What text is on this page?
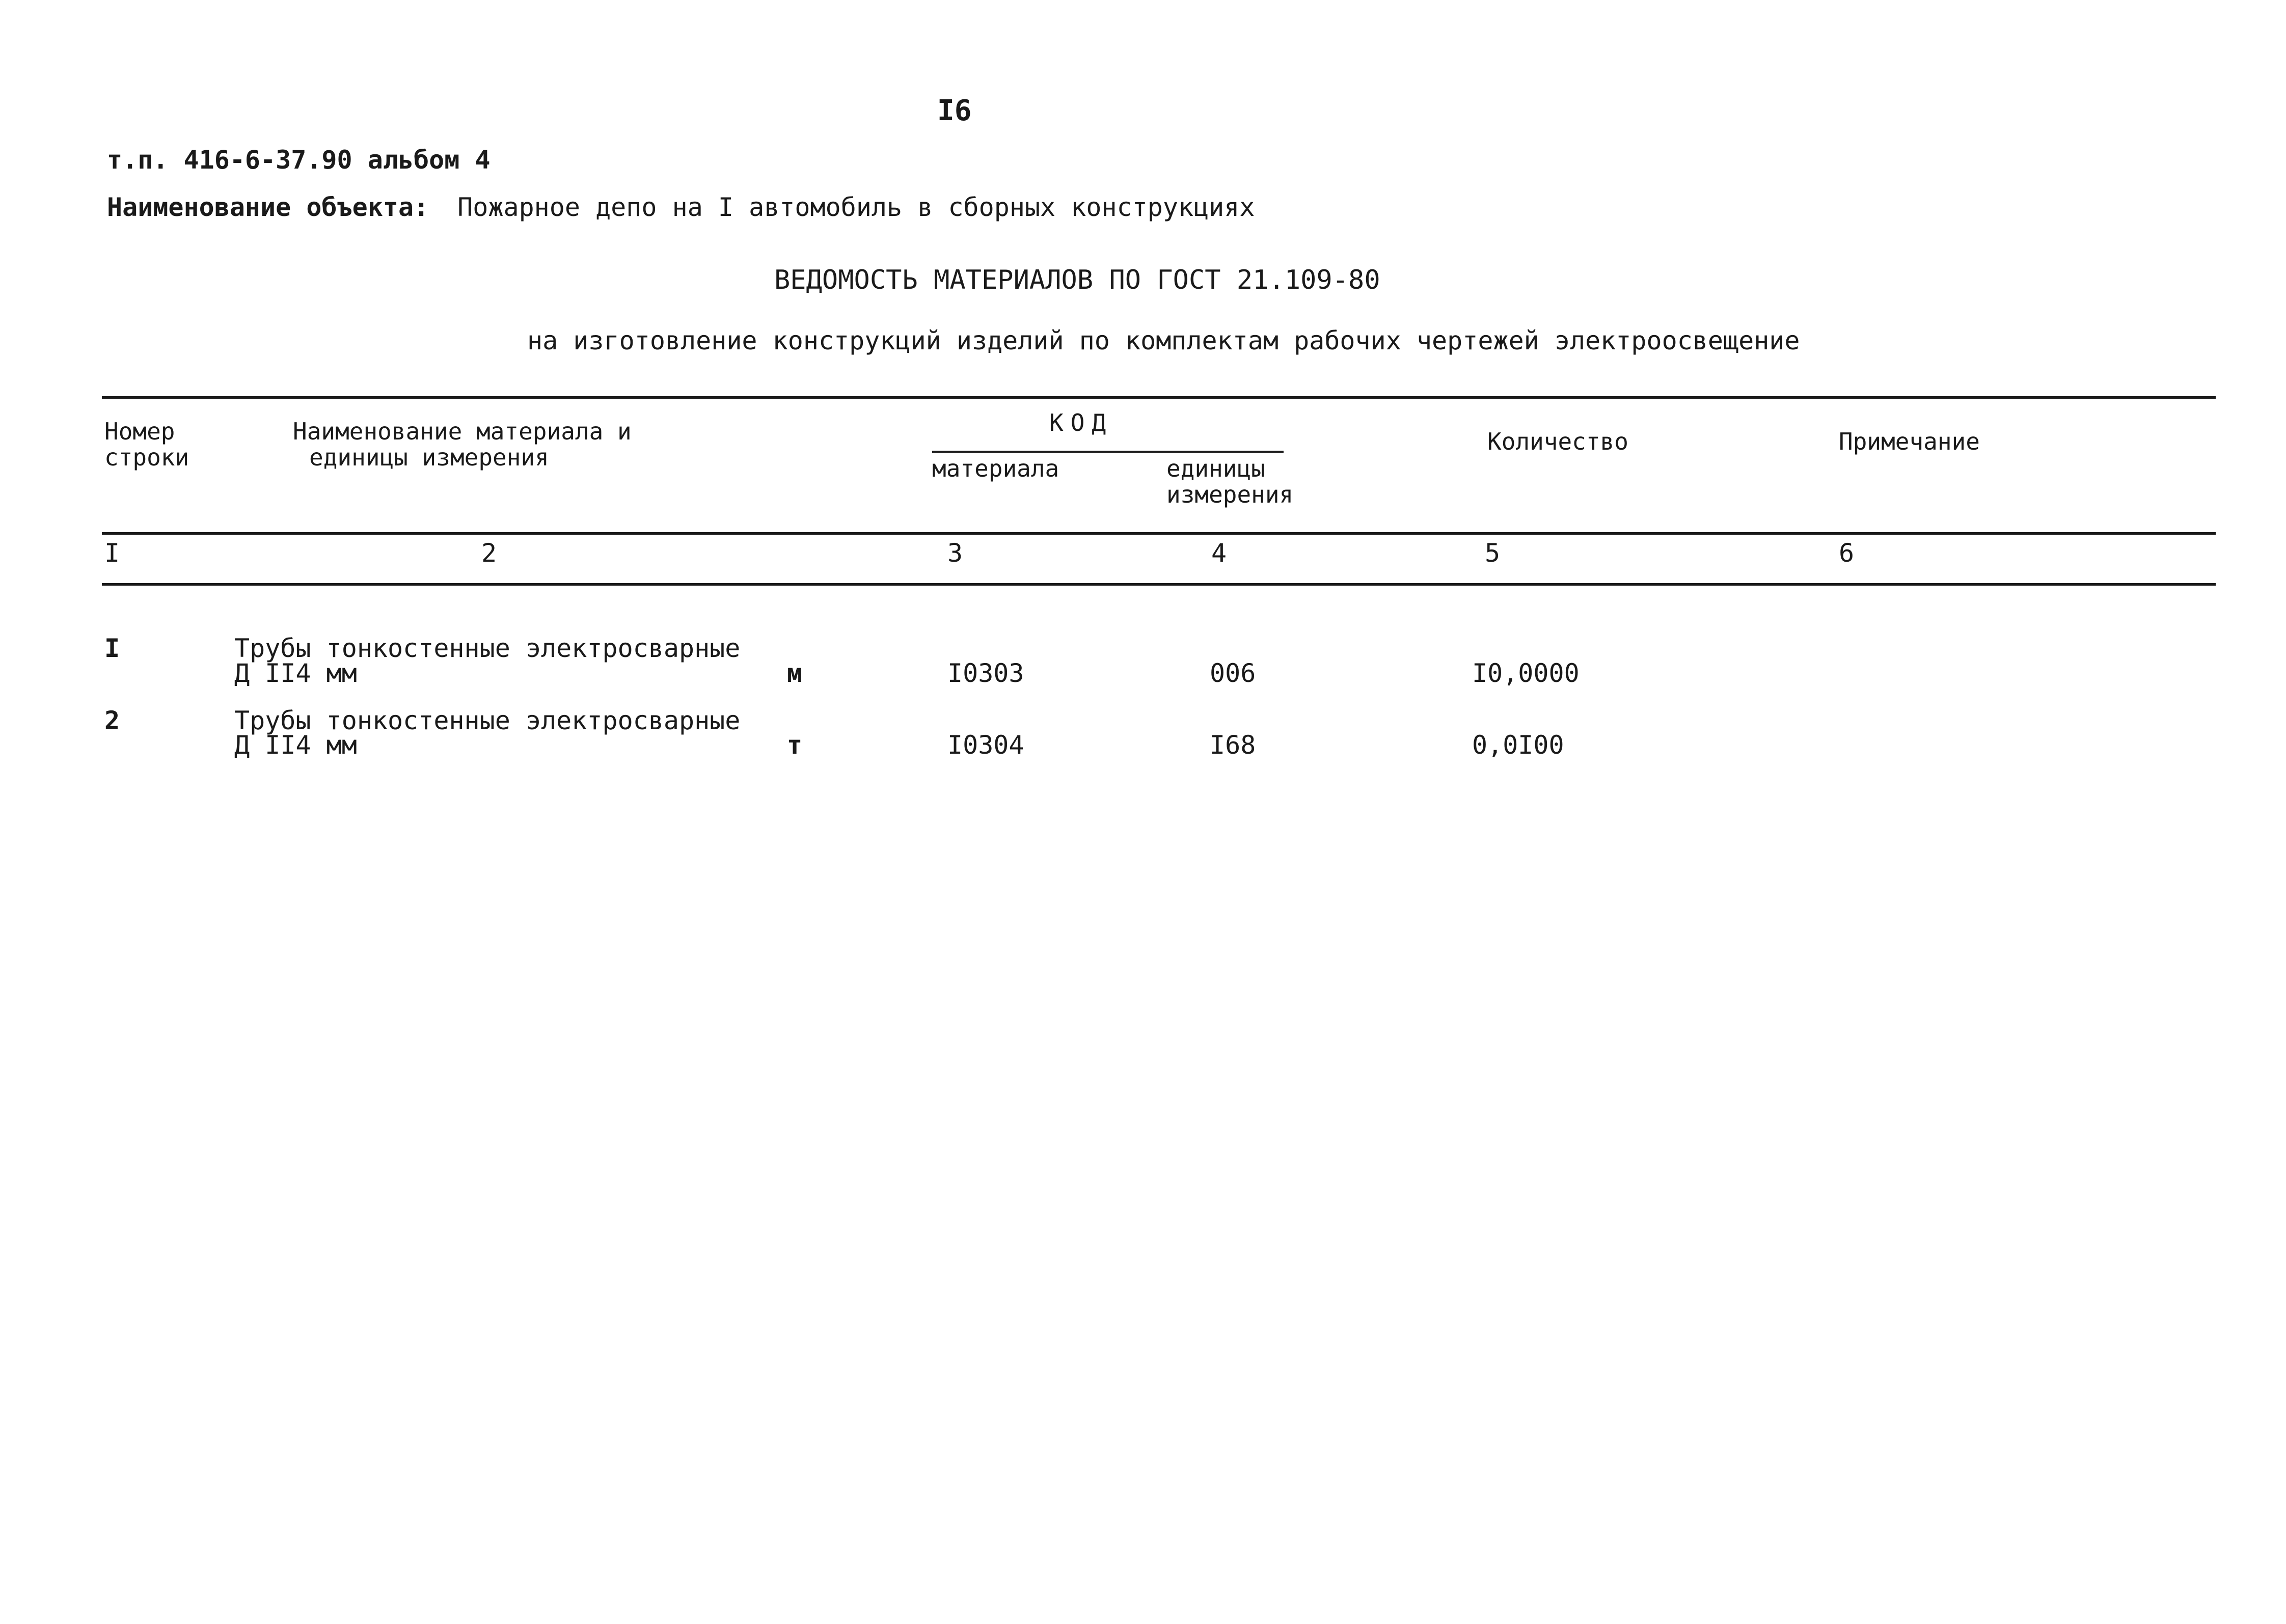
I6
т.п. 416-6-37.90 альбом 4
Наименование объекта: Пожарное депо на I автомобиль в сборных конструкциях
ВЕДОМОСТЬ МАТЕРИАЛОВ ПО ГОСТ 21.109-80
на изготовление конструкций изделий по комплектам рабочих чертежей электроосвещение
Номер
строки
Наименование материала и
единицы измерения
КОД
материала	единицы
измерения
Количество	Примечание
I	2	3	4	5	6
I	Трубы тонкостенные электросварные
Д II4 мм	м	I0303	006	I0,0000
2	Трубы тонкостенные электросварные
Д II4 мм	т	I0304	I68	0,0I00
